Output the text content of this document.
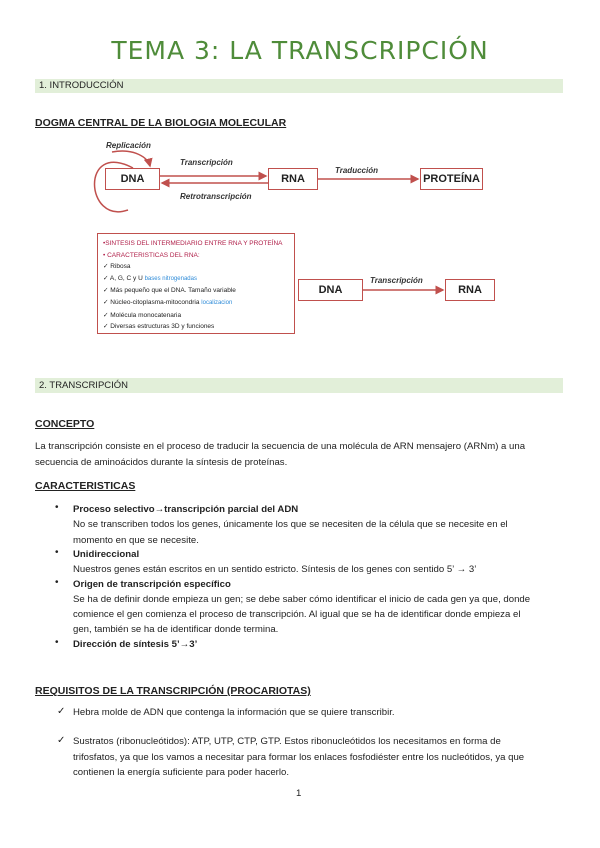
TEMA 3: LA TRANSCRIPCIÓN
1. INTRODUCCIÓN
DOGMA CENTRAL DE LA BIOLOGIA MOLECULAR
Replicación
DNA
Transcripción
Retrotranscripción
RNA
Traducción
PROTEÍNA
•SINTESIS DEL INTERMEDIARIO ENTRE RNA Y PROTEÍNA
• CARACTERISTICAS DEL RNA:
✓ Ribosa
✓ A, G, C y U bases nitrogenadas
✓ Más pequeño que el DNA. Tamaño variable
✓ Núcleo-citoplasma-mitocondria localizacion
✓ Molécula monocatenaria
✓ Diversas estructuras 3D y funciones
DNA
Transcripción
RNA
2. TRANSCRIPCIÓN
CONCEPTO
La transcripción consiste en el proceso de traducir la secuencia de una molécula de ARN mensajero (ARNm) a una
secuencia de aminoácidos durante la síntesis de proteínas.
CARACTERISTICAS
• Proceso selectivo→transcripción parcial del ADN
No se transcriben todos los genes, únicamente los que se necesiten de la célula que se necesite en el
momento en que se necesite.
• Unidireccional
Nuestros genes están escritos en un sentido estricto. Síntesis de los genes con sentido 5’ → 3’
• Origen de transcripción específico
Se ha de definir donde empieza un gen; se debe saber cómo identificar el inicio de cada gen ya que, donde
comience el gen comienza el proceso de transcripción. Al igual que se ha de identificar donde empieza el
gen, también se ha de identificar donde termina.
• Dirección de síntesis 5’→3’
REQUISITOS DE LA TRANSCRIPCIÓN (PROCARIOTAS)
✓ Hebra molde de ADN que contenga la información que se quiere transcribir.
✓ Sustratos (ribonucleótidos): ATP, UTP, CTP, GTP. Estos ribonucleótidos los necesitamos en forma de
trifosfatos, ya que los vamos a necesitar para formar los enlaces fosfodiéster entre los nucleótidos, ya que
contienen la energía suficiente para poder hacerlo.
1
